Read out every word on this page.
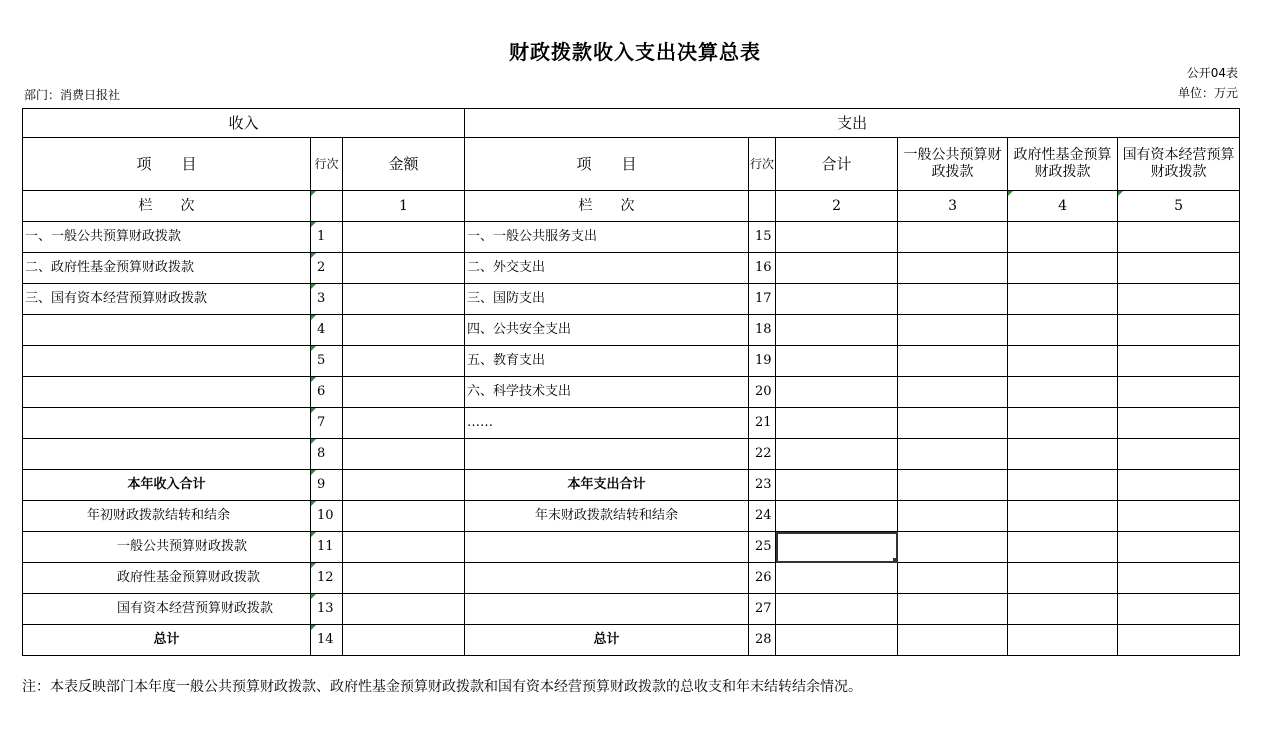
财政拨款收入支出决算总表
公开04表
部门：消费日报社	单位：万元
收入			支出					
项　　目	行次	金额	项　　目	行次	合计	一般公共预算财政拨款	政府性基金预算财政拨款	国有资本经营预算财政拨款
栏　　次		1	栏　　次		2	3	4	5
一、一般公共预算财政拨款	1		一、一般公共服务支出	15				
二、政府性基金预算财政拨款	2		二、外交支出	16				
三、国有资本经营预算财政拨款	3		三、国防支出	17				
	4		四、公共安全支出	18				
	5		五、教育支出	19				
	6		六、科学技术支出	20				
	7		……	21				
	8			22				
本年收入合计	9		本年支出合计	23				
年初财政拨款结转和结余	10		年末财政拨款结转和结余	24				
一般公共预算财政拨款	11			25	

政府性基金预算财政拨款	12			26				
国有资本经营预算财政拨款	13			27				
总计	14		总计	28				
注：本表反映部门本年度一般公共预算财政拨款、政府性基金预算财政拨款和国有资本经营预算财政拨款的总收支和年末结转结余情况。
